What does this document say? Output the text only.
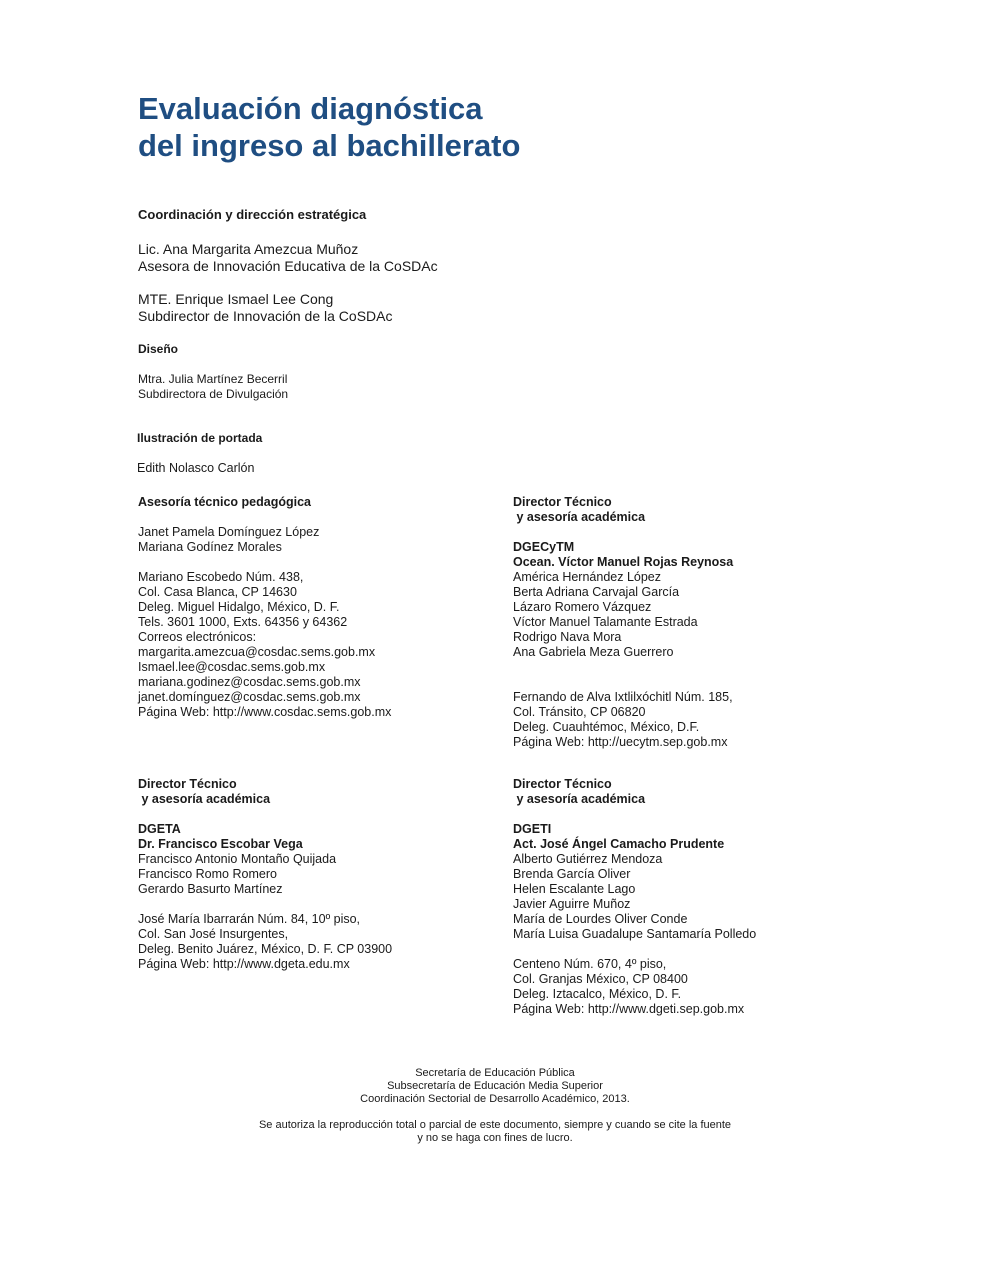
Evaluación diagnóstica
del ingreso al bachillerato
Coordinación y dirección estratégica
Lic. Ana Margarita Amezcua Muñoz
Asesora de Innovación Educativa de la CoSDAc
MTE. Enrique Ismael Lee Cong
Subdirector de Innovación de la CoSDAc
Diseño
Mtra. Julia Martínez Becerril
Subdirectora de Divulgación
Ilustración de portada
Edith Nolasco Carlón
Asesoría técnico pedagógica
Janet Pamela Domínguez López
Mariana Godínez Morales
Mariano Escobedo Núm. 438,
Col. Casa Blanca, CP 14630
Deleg. Miguel Hidalgo, México, D. F.
Tels. 3601 1000, Exts. 64356 y 64362
Correos electrónicos:
margarita.amezcua@cosdac.sems.gob.mx
Ismael.lee@cosdac.sems.gob.mx
mariana.godinez@cosdac.sems.gob.mx
janet.domínguez@cosdac.sems.gob.mx
Página Web: http://www.cosdac.sems.gob.mx
Director Técnico
y asesoría académica
DGECyTM
Ocean. Víctor Manuel Rojas Reynosa
América Hernández López
Berta Adriana Carvajal García
Lázaro Romero Vázquez
Víctor Manuel Talamante Estrada
Rodrigo Nava Mora
Ana Gabriela Meza Guerrero
Fernando de Alva Ixtlilxóchitl Núm. 185,
Col. Tránsito, CP 06820
Deleg. Cuauhtémoc, México, D.F.
Página Web: http://uecytm.sep.gob.mx
Director Técnico
y asesoría académica
DGETA
Dr. Francisco Escobar Vega
Francisco Antonio Montaño Quijada
Francisco Romo Romero
Gerardo Basurto Martínez
José María Ibarrarán Núm. 84, 10º piso,
Col. San José Insurgentes,
Deleg. Benito Juárez, México, D. F. CP 03900
Página Web: http://www.dgeta.edu.mx
Director Técnico
y asesoría académica
DGETI
Act. José Ángel Camacho Prudente
Alberto Gutiérrez Mendoza
Brenda García Oliver
Helen Escalante Lago
Javier Aguirre Muñoz
María de Lourdes Oliver Conde
María Luisa Guadalupe Santamaría Polledo
Centeno Núm. 670, 4º piso,
Col. Granjas México, CP 08400
Deleg. Iztacalco, México, D. F.
Página Web: http://www.dgeti.sep.gob.mx
Secretaría de Educación Pública
Subsecretaría de Educación Media Superior
Coordinación Sectorial de Desarrollo Académico, 2013.
Se autoriza la reproducción total o parcial de este documento, siempre y cuando se cite la fuente
y no se haga con fines de lucro.
